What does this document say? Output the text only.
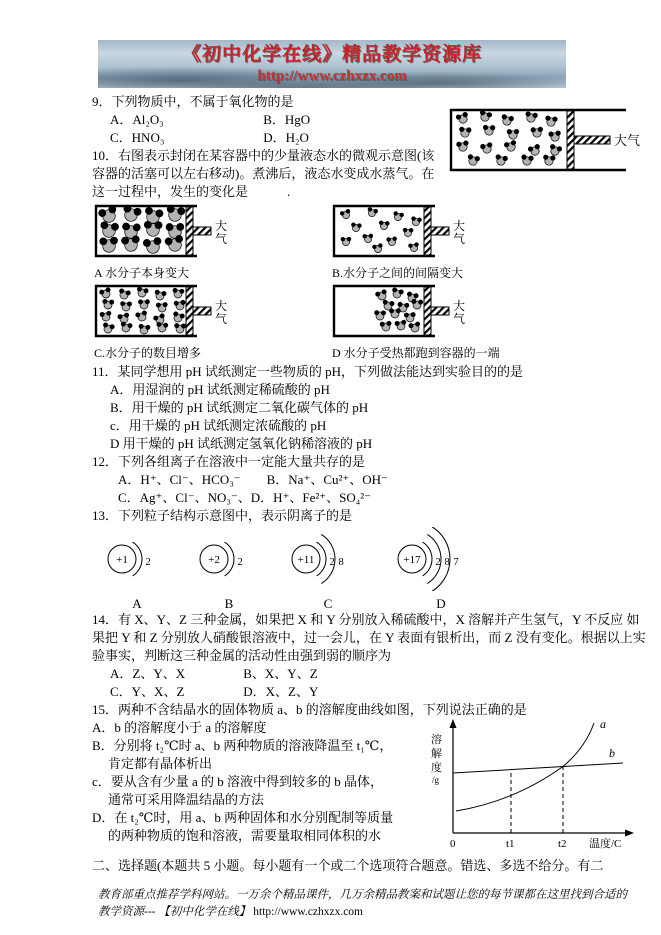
《初中化学在线》精品教学资源库
http://www.czhxzx.com
9．下列物质中，不属于氧化物的是
A．Al₂O₃	B．HgO
C．HNO₃	D．H₂O
10．右图表示封闭在某容器中的少量液态水的微观示意图(该容器的活塞可以左右移动)。煮沸后，液态水变成水蒸气。在这一过程中，发生的变化是　　　.
大气
大
气
A 水分子本身变大
大
气
B.水分子之间的间隔变大
大
气
C.水分子的数目增多
大
气
D 水分子受热都跑到容器的一端
11．某同学想用 pH 试纸测定一些物质的 pH，下列做法能达到实验目的的是
A．用湿润的 pH 试纸测定稀硫酸的 pH
B．用干燥的 pH 试纸测定二氧化碳气体的 pH
c．用干燥的 pH 试纸测定浓硫酸的 pH
D 用干燥的 pH 试纸测定氢氧化钠稀溶液的 pH
12．下列各组离子在溶液中一定能大量共存的是
A．H⁺、Cl⁻、HCO₃⁻　　B．Na⁺、Cu²⁺、OH⁻
C．Ag⁺、Cl⁻、NO₃⁻、D．H⁺、Fe²⁺、SO₄²⁻
13．下列粒子结构示意图中，表示阴离子的是
+1 2
A
+2 2
B
+11 2 8
C
+17 2 8 7
D
14．有 X、Y、Z 三种金属，如果把 X 和 Y 分别放入稀硫酸中，X 溶解并产生氢气，Y 不反应 如果把 Y 和 Z 分别放人硝酸银溶液中，过一会儿，在 Y 表面有银析出，而 Z 没有变化。根据以上实验事实，判断这三种金属的活动性由强到弱的顺序为
A．Z、Y、X	B、X、Y、Z
C．Y、X、Z	D．X、Z、Y
15．两种不含结晶水的固体物质 a、b 的溶解度曲线如图，下列说法正确的是
A．b 的溶解度小于 a 的溶解度
B．分别将 t₂℃时 a、b 两种物质的溶液降温至 t₁℃，
肯定都有晶体析出
c．要从含有少量 a 的 b 溶液中得到较多的 b 晶体，
通常可采用降温结晶的方法
D．在 t₂℃时，用 a、b 两种固体和水分别配制等质量
的两种物质的饱和溶液，需要量取相同体积的水
溶
解
度
/g
a
b
0	t1	t2 温度/C
二、选择题(本题共 5 小题。每小题有一个或二个选项符合题意。错选、多选不给分。有二
教育部重点推荐学科网站。一万余个精品课件，几万余精品教案和试题让您的每节课都在这里找到合适的
教学资源--- 【初中化学在线】 http://www.czhxzx.com
